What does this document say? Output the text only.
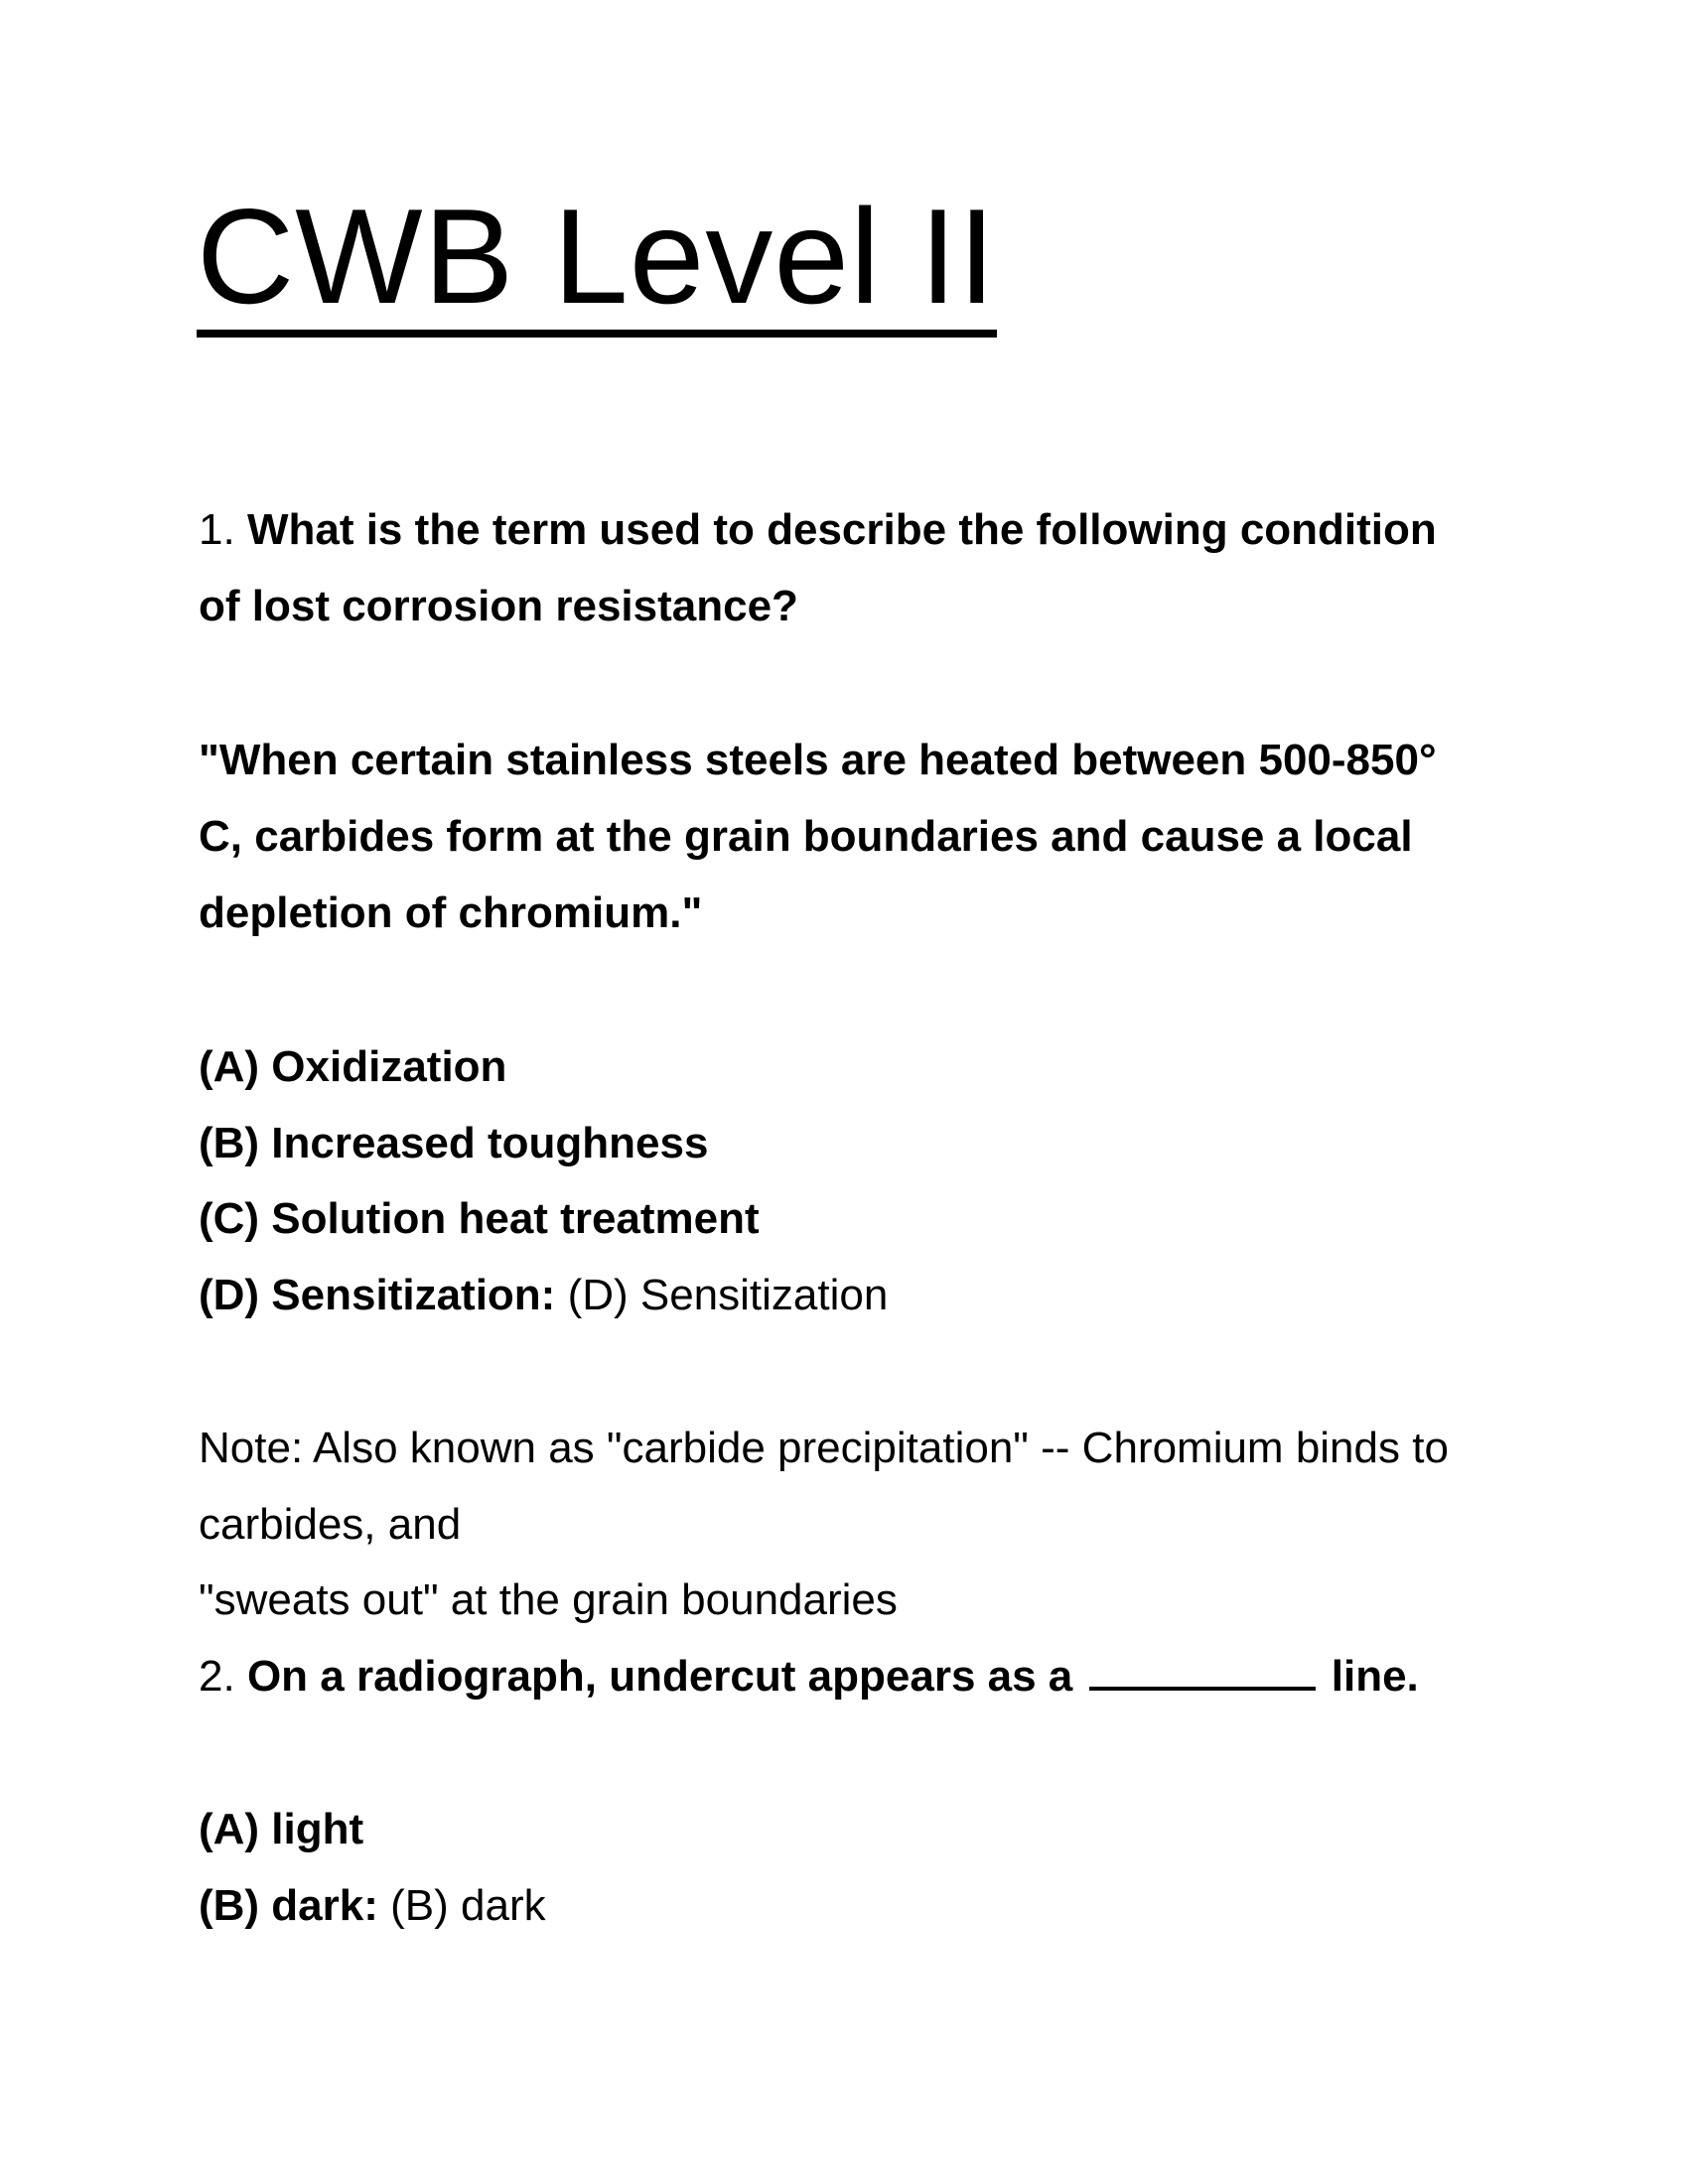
CWB Level II

1. What is the term used to describe the following condition

of lost corrosion resistance?

"When certain stainless steels are heated between 500-850°

C, carbides form at the grain boundaries and cause a local

depletion of chromium."

(A) Oxidization

(B) Increased toughness

(C) Solution heat treatment

(D) Sensitization: (D) Sensitization

Note: Also known as "carbide precipitation" -- Chromium binds to

carbides, and

"sweats out" at the grain boundaries

2. On a radiograph, undercut appears as a	line.

(A) light

(B) dark: (B) dark
